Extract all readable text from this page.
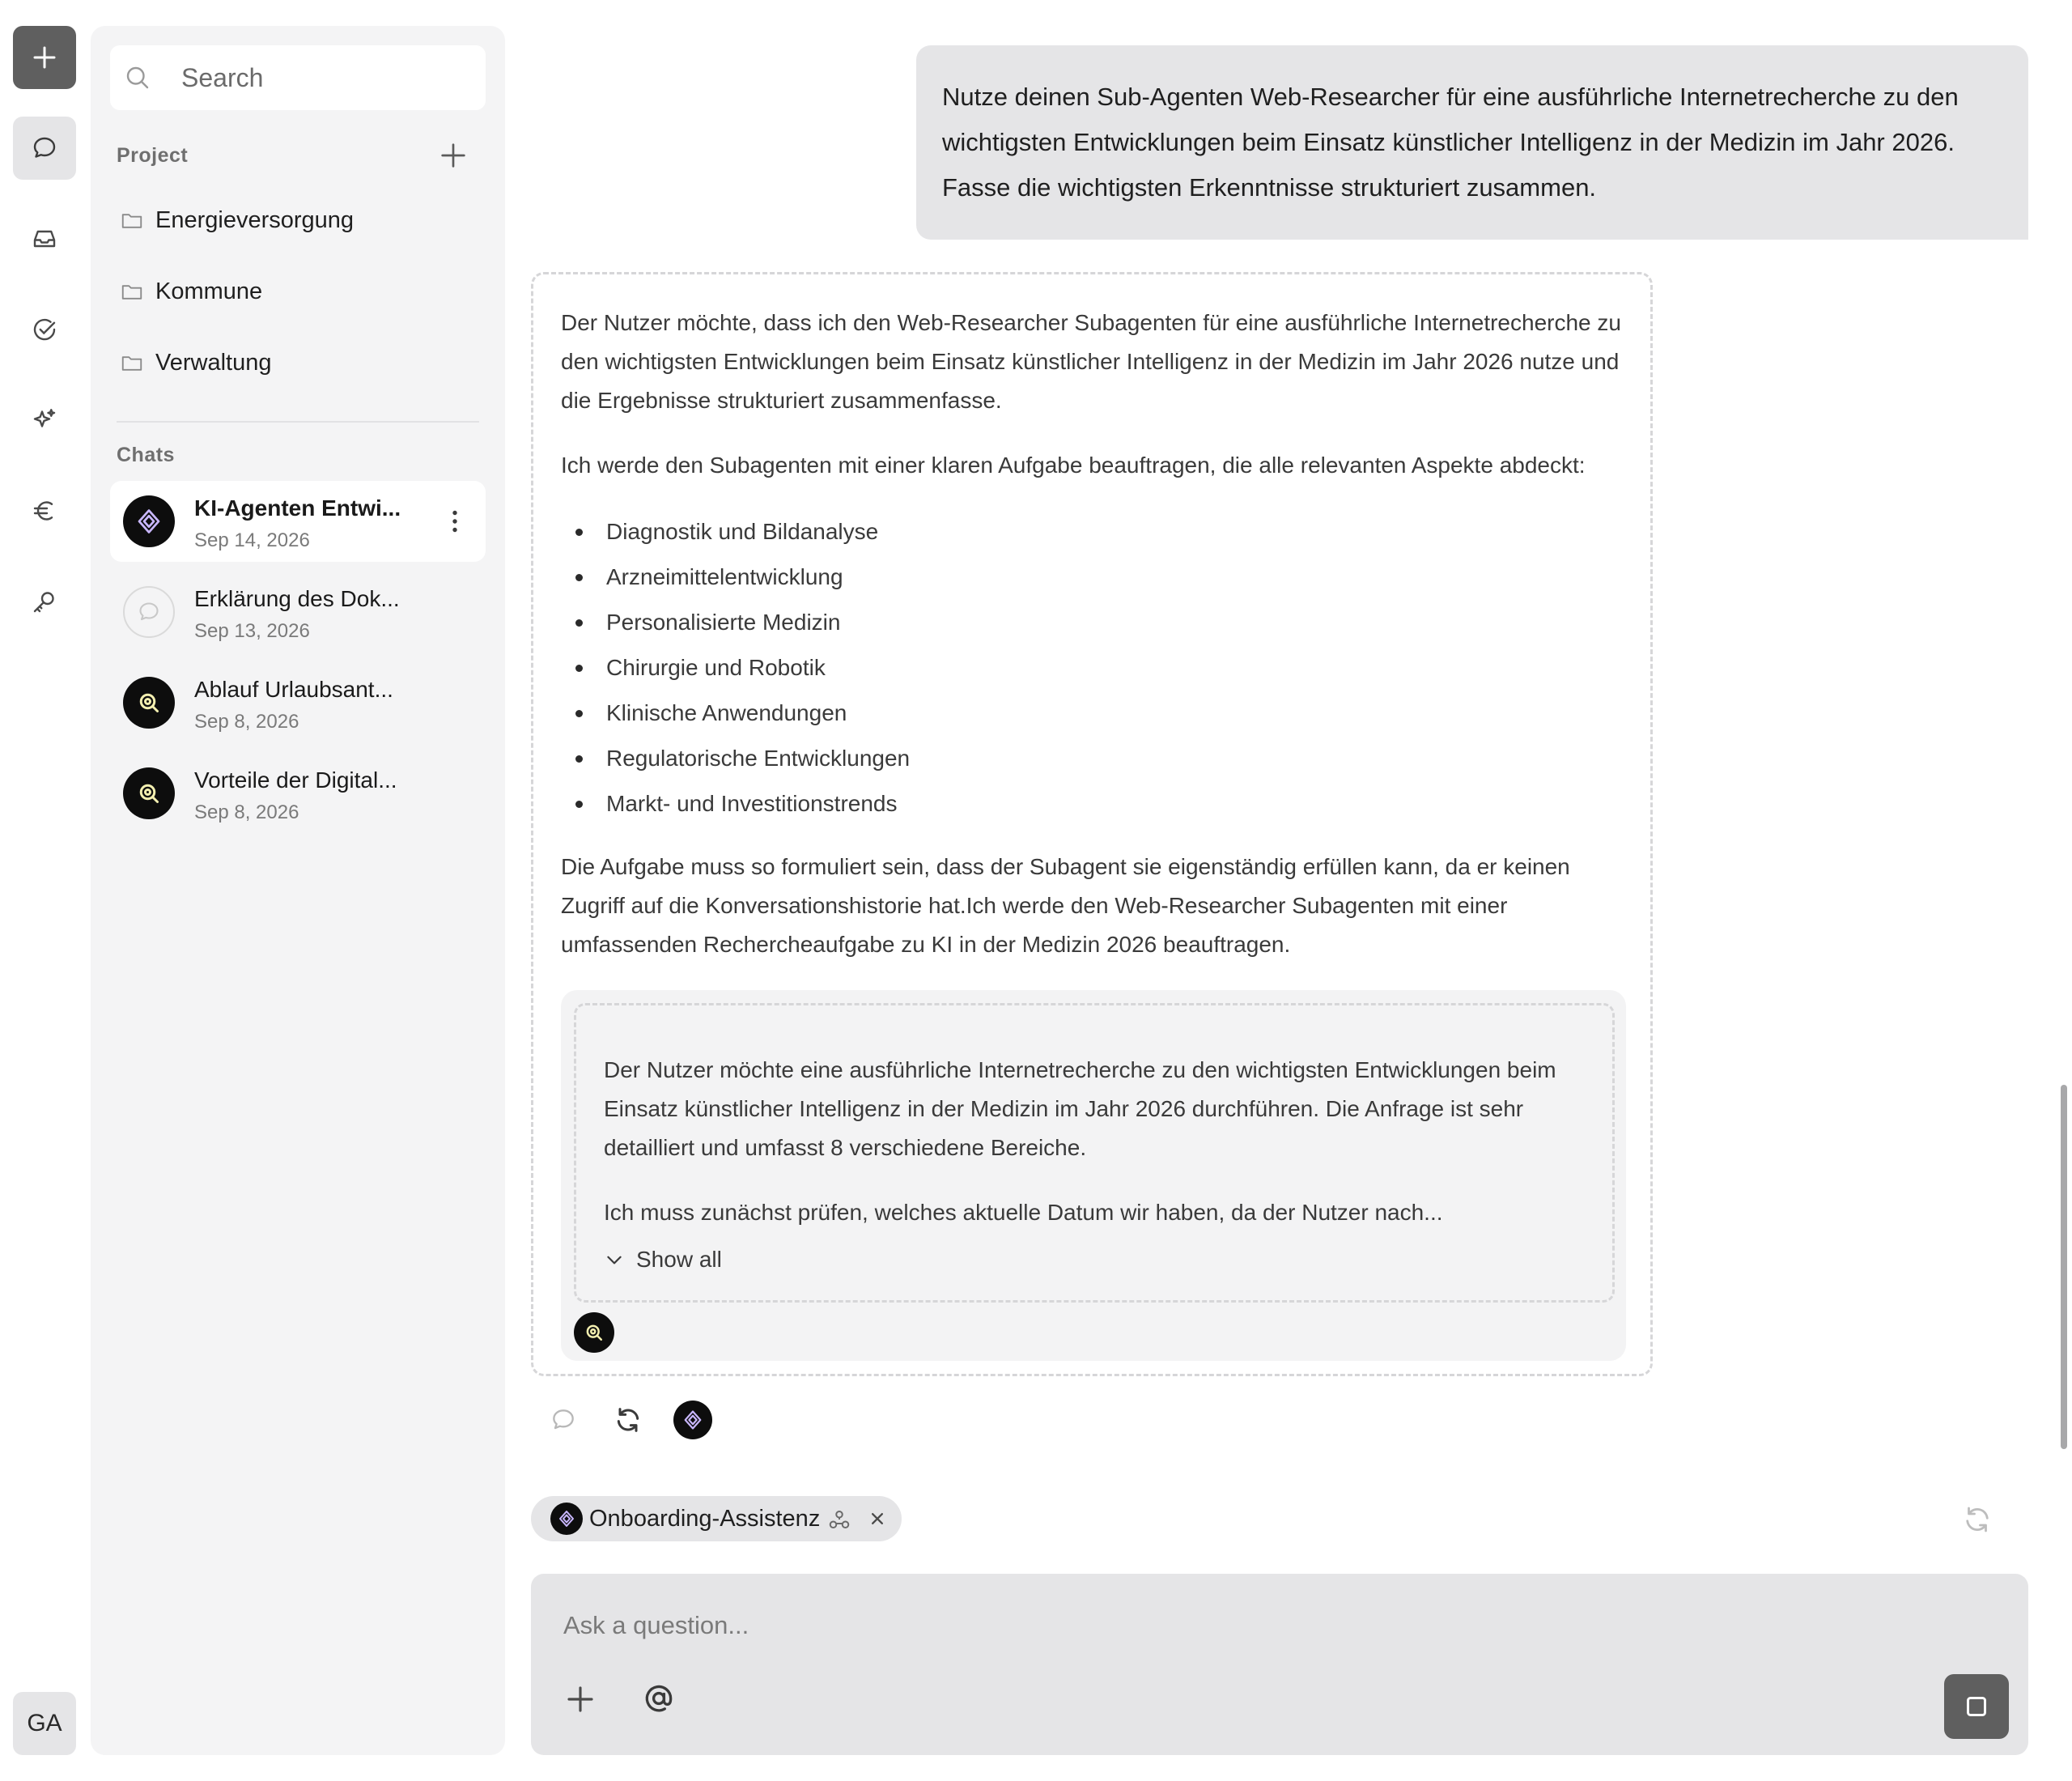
GA
Search
Project
Energieversorgung
Kommune
Verwaltung
Chats
KI-Agenten Entwi...
Sep 14, 2026
Erklärung des Dok...
Sep 13, 2026
Ablauf Urlaubsant...
Sep 8, 2026
Vorteile der Digital...
Sep 8, 2026
Nutze deinen Sub-Agenten Web-Researcher für eine ausführliche Internetrecherche zu den wichtigsten Entwicklungen beim Einsatz künstlicher Intelligenz in der Medizin im Jahr 2026. Fasse die wichtigsten Erkenntnisse strukturiert zusammen.

Der Nutzer möchte, dass ich den Web-Researcher Subagenten für eine ausführliche Internetrecherche zu den wichtigsten Entwicklungen beim Einsatz künstlicher Intelligenz in der Medizin im Jahr 2026 nutze und die Ergebnisse strukturiert zusammenfasse.

Ich werde den Subagenten mit einer klaren Aufgabe beauftragen, die alle relevanten Aspekte abdeckt:

Diagnostik und Bildanalyse
Arzneimittelentwicklung
Personalisierte Medizin
Chirurgie und Robotik
Klinische Anwendungen
Regulatorische Entwicklungen
Markt- und Investitionstrends

Die Aufgabe muss so formuliert sein, dass der Subagent sie eigenständig erfüllen kann, da er keinen Zugriff auf die Konversationshistorie hat.Ich werde den Web-Researcher Subagenten mit einer umfassenden Rechercheaufgabe zu KI in der Medizin 2026 beauftragen.

Der Nutzer möchte eine ausführliche Internetrecherche zu den wichtigsten Entwicklungen beim Einsatz künstlicher Intelligenz in der Medizin im Jahr 2026 durchführen. Die Anfrage ist sehr detailliert und umfasst 8 verschiedene Bereiche.

Ich muss zunächst prüfen, welches aktuelle Datum wir haben, da der Nutzer nach...

Show all
Onboarding-Assistenz
Ask a question...
